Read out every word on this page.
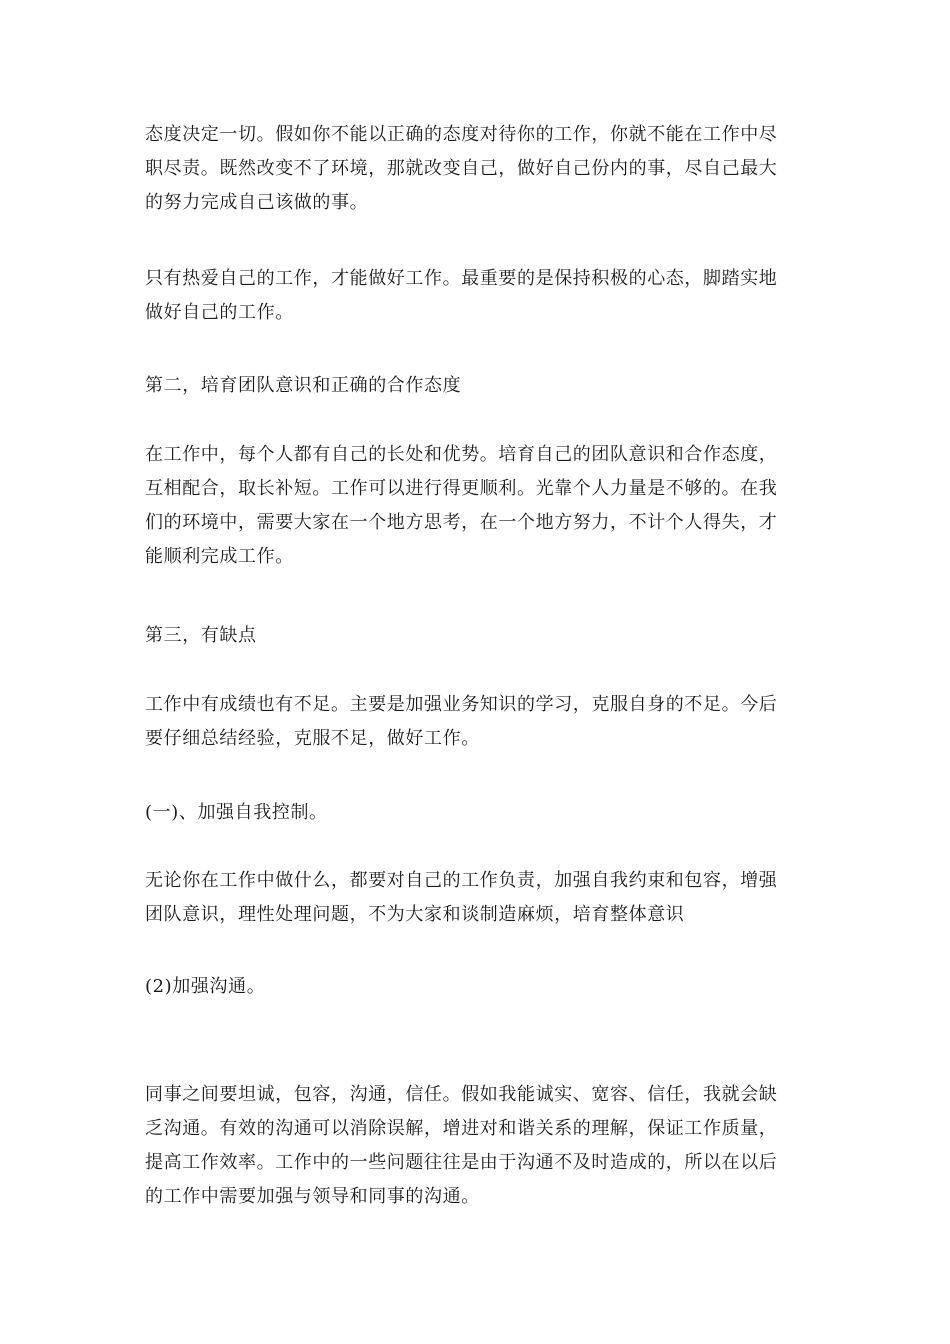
态度决定一切。假如你不能以正确的态度对待你的工作，你就不能在工作中尽
职尽责。既然改变不了环境，那就改变自己，做好自己份内的事，尽自己最大
的努力完成自己该做的事。

只有热爱自己的工作，才能做好工作。最重要的是保持积极的心态，脚踏实地
做好自己的工作。

第二，培育团队意识和正确的合作态度

在工作中，每个人都有自己的长处和优势。培育自己的团队意识和合作态度，
互相配合，取长补短。工作可以进行得更顺利。光靠个人力量是不够的。在我
们的环境中，需要大家在一个地方思考，在一个地方努力，不计个人得失，才
能顺利完成工作。

第三，有缺点

工作中有成绩也有不足。主要是加强业务知识的学习，克服自身的不足。今后
要仔细总结经验，克服不足，做好工作。

(一)、加强自我控制。

无论你在工作中做什么，都要对自己的工作负责，加强自我约束和包容，增强
团队意识，理性处理问题，不为大家和谈制造麻烦，培育整体意识

(2)加强沟通。

同事之间要坦诚，包容，沟通，信任。假如我能诚实、宽容、信任，我就会缺
乏沟通。有效的沟通可以消除误解，增进对和谐关系的理解，保证工作质量，
提高工作效率。工作中的一些问题往往是由于沟通不及时造成的，所以在以后
的工作中需要加强与领导和同事的沟通。
